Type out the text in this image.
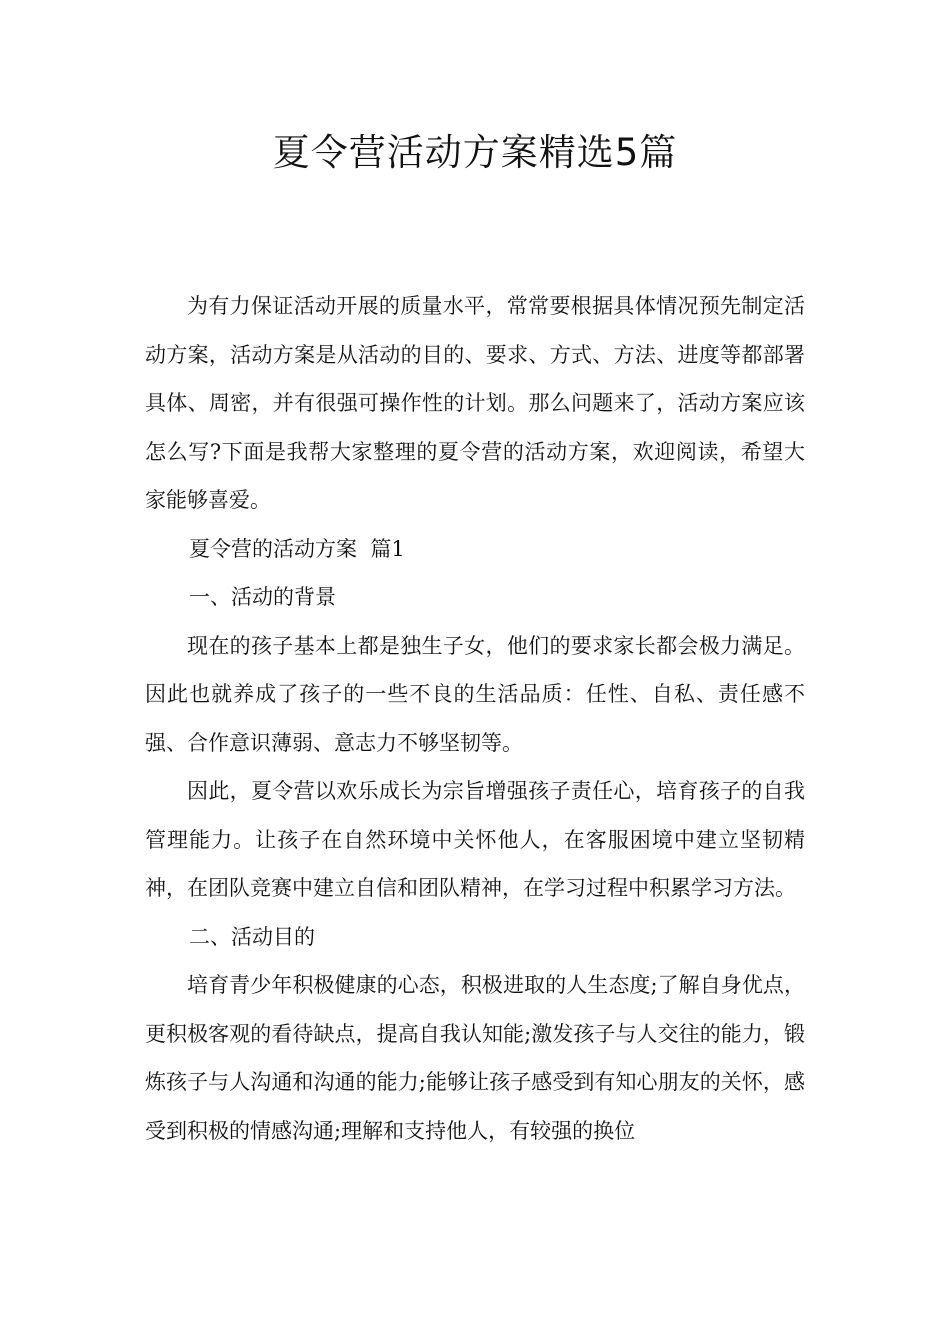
夏令营活动方案精选5篇

为有力保证活动开展的质量水平，常常要根据具体情况预先制定活动方案，活动方案是从活动的目的、要求、方式、方法、进度等都部署具体、周密，并有很强可操作性的计划。那么问题来了，活动方案应该怎么写?下面是我帮大家整理的夏令营的活动方案，欢迎阅读，希望大家能够喜爱。

夏令营的活动方案  篇1

一、活动的背景

现在的孩子基本上都是独生子女，他们的要求家长都会极力满足。因此也就养成了孩子的一些不良的生活品质：任性、自私、责任感不强、合作意识薄弱、意志力不够坚韧等。

因此，夏令营以欢乐成长为宗旨增强孩子责任心，培育孩子的自我管理能力。让孩子在自然环境中关怀他人，在客服困境中建立坚韧精神，在团队竞赛中建立自信和团队精神，在学习过程中积累学习方法。

二、活动目的

培育青少年积极健康的心态，积极进取的人生态度;了解自身优点，更积极客观的看待缺点，提高自我认知能;激发孩子与人交往的能力，锻炼孩子与人沟通和沟通的能力;能够让孩子感受到有知心朋友的关怀，感受到积极的情感沟通;理解和支持他人，有较强的换位
